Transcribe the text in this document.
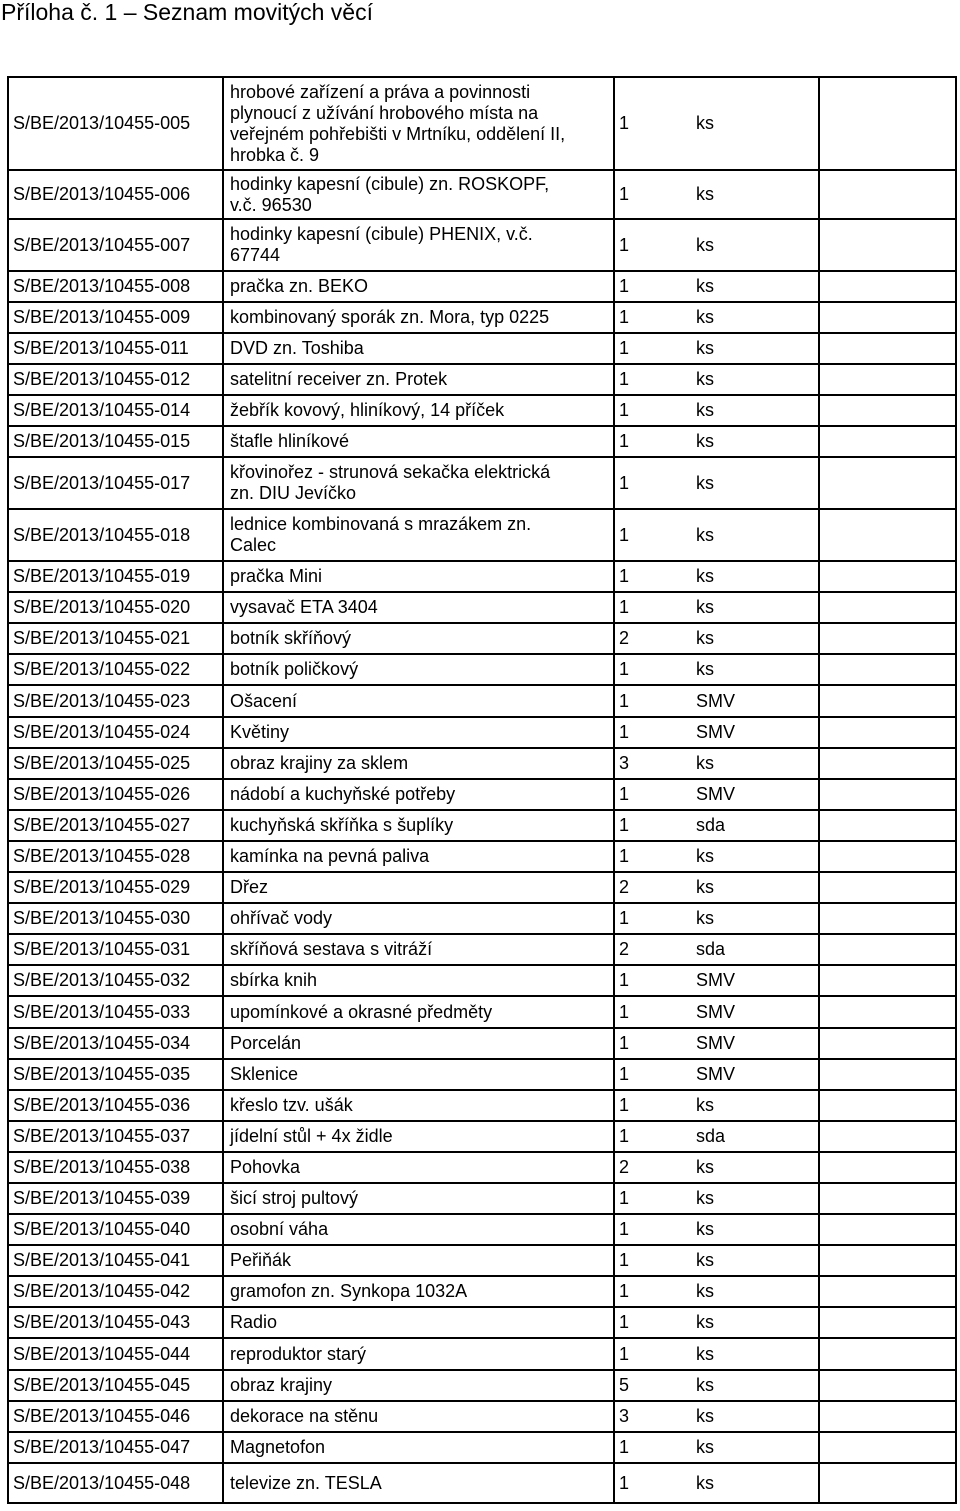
Příloha č. 1 – Seznam movitých věcí
S/BE/2013/10455-005
hrobové zařízení a práva a povinnosti
plynoucí z užívání hrobového místa na
veřejném pohřebišti v Mrtníku, oddělení II,
hrobka č. 9
1	ks
S/BE/2013/10455-006
hodinky kapesní (cibule) zn. ROSKOPF,
v.č. 96530
1	ks
S/BE/2013/10455-007
hodinky kapesní (cibule) PHENIX, v.č.
67744
1	ks
S/BE/2013/10455-008 pračka zn. BEKO	1	ks
S/BE/2013/10455-009 kombinovaný sporák zn. Mora, typ 0225	1	ks
S/BE/2013/10455-011 DVD zn. Toshiba	1	ks
S/BE/2013/10455-012 satelitní receiver zn. Protek	1	ks
S/BE/2013/10455-014 žebřík kovový, hliníkový, 14 příček	1	ks
S/BE/2013/10455-015 štafle hliníkové	1	ks
S/BE/2013/10455-017
křovinořez - strunová sekačka elektrická
zn. DIU Jevíčko
1	ks
S/BE/2013/10455-018
lednice kombinovaná s mrazákem zn.
Calec
1	ks
S/BE/2013/10455-019 pračka Mini	1	ks
S/BE/2013/10455-020 vysavač ETA 3404	1	ks
S/BE/2013/10455-021 botník skříňový	2	ks
S/BE/2013/10455-022 botník poličkový	1	ks
S/BE/2013/10455-023 Ošacení	1	SMV
S/BE/2013/10455-024 Květiny	1	SMV
S/BE/2013/10455-025 obraz krajiny za sklem	3	ks
S/BE/2013/10455-026 nádobí a kuchyňské potřeby	1	SMV
S/BE/2013/10455-027 kuchyňská skříňka s šuplíky	1	sda
S/BE/2013/10455-028 kamínka na pevná paliva	1	ks
S/BE/2013/10455-029 Dřez	2	ks
S/BE/2013/10455-030 ohřívač vody	1	ks
S/BE/2013/10455-031 skříňová sestava s vitráží	2	sda
S/BE/2013/10455-032 sbírka knih	1	SMV
S/BE/2013/10455-033 upomínkové a okrasné předměty	1	SMV
S/BE/2013/10455-034 Porcelán	1	SMV
S/BE/2013/10455-035 Sklenice	1	SMV
S/BE/2013/10455-036 křeslo tzv. ušák	1	ks
S/BE/2013/10455-037 jídelní stůl + 4x židle	1	sda
S/BE/2013/10455-038 Pohovka	2	ks
S/BE/2013/10455-039 šicí stroj pultový	1	ks
S/BE/2013/10455-040 osobní váha	1	ks
S/BE/2013/10455-041 Peřiňák	1	ks
S/BE/2013/10455-042 gramofon zn. Synkopa 1032A	1	ks
S/BE/2013/10455-043 Radio	1	ks
S/BE/2013/10455-044 reproduktor starý	1	ks
S/BE/2013/10455-045 obraz krajiny	5	ks
S/BE/2013/10455-046 dekorace na stěnu	3	ks
S/BE/2013/10455-047 Magnetofon	1	ks
S/BE/2013/10455-048 televize zn. TESLA	1	ks
